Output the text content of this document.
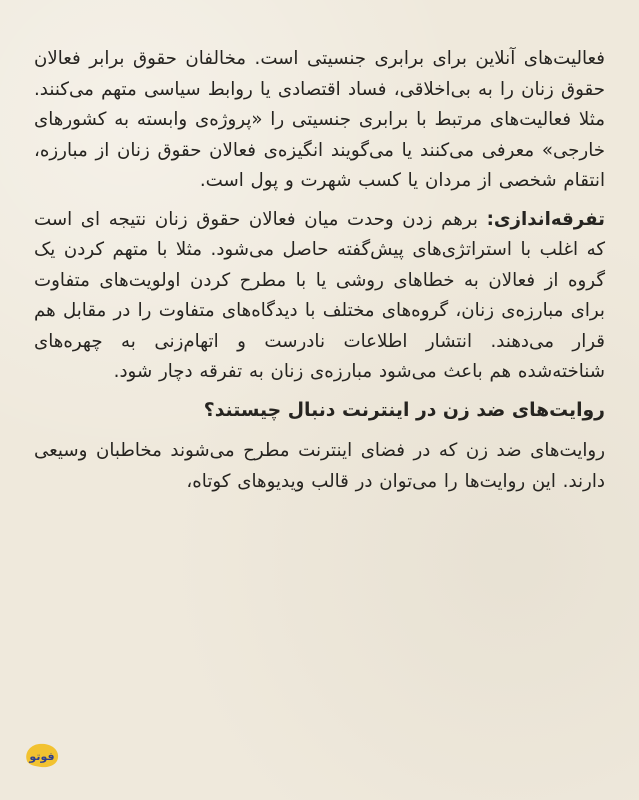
فعالیت‌های آنلاین برای برابری جنسیتی است. مخالفان حقوق برابر فعالان حقوق زنان را به بی‌اخلاقی، فساد اقتصادی یا روابط سیاسی متهم می‌کنند. مثلا فعالیت‌های مرتبط با برابری جنسیتی را «پروژه‌ی وابسته به کشورهای خارجی» معرفی می‌کنند یا می‌گویند انگیزه‌ی فعالان حقوق زنان از مبارزه، انتقام شخصی از مردان یا کسب شهرت و پول است.

تفرقه‌اندازی: برهم زدن وحدت میان فعالان حقوق زنان نتیجه ای است که اغلب با استراتژی‌های پیش‌گفته حاصل می‌شود. مثلا با متهم کردن یک گروه از فعالان به خطاهای روشی یا با مطرح کردن اولویت‌های متفاوت برای مبارزه‌ی زنان، گروه‌های مختلف با دیدگاه‌های متفاوت را در مقابل هم قرار می‌دهند. انتشار اطلاعات نادرست و اتهام‌زنی به چهره‌های شناخته‌شده هم باعث می‌شود مبارزه‌ی زنان به تفرقه دچار شود.

روایت‌های ضد زن در اینترنت دنبال چیستند؟

روایت‌های ضد زن که در فضای اینترنت مطرح می‌شوند مخاطبان وسیعی دارند. این روایت‌ها را می‌توان در قالب ویدیوهای کوتاه،

فوتو
